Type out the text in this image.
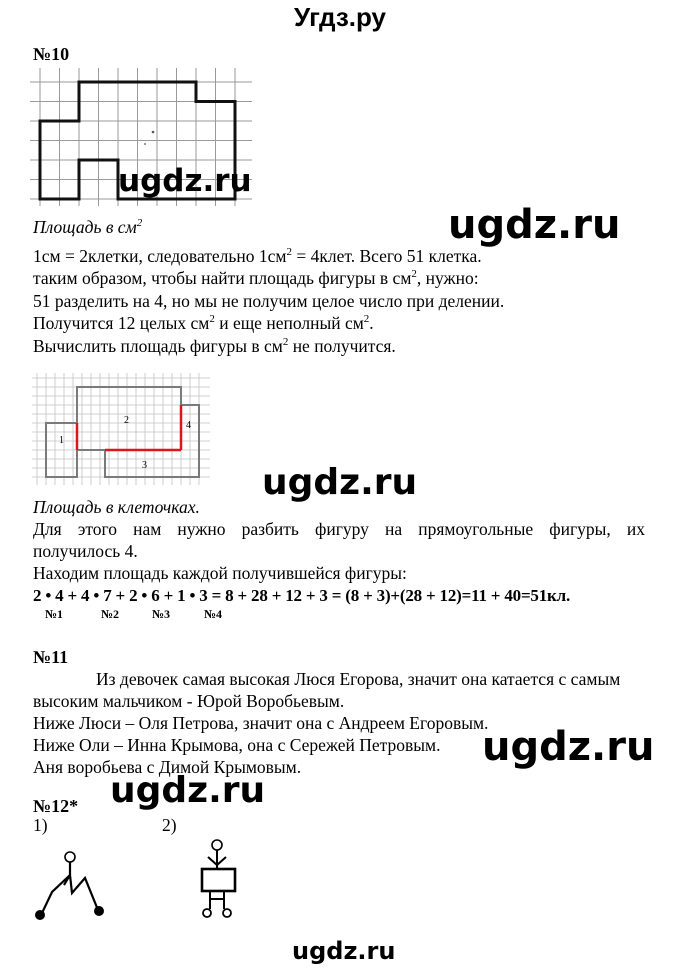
Угдз.ру
№10
ugdz.ru
Площадь в $см^2$	ugdz.ru
1см = 2клетки, следовательно $1см^2$ = 4клет. Всего 51 клетка.
таким образом, чтобы найти площадь фигуры в $см^2$, нужно:
51 разделить на 4, но мы не получим целое число при делении.
Получится 12 целых $см^2$ и еще неполный $см^2$.
Вычислить площадь фигуры в $см^2$ не получится.
1
2
3
4
ugdz.ru
Площадь в клеточках.
Для этого нам нужно разбить фигуру на прямоугольные фигуры, их
получилось 4.
Находим площадь каждой получившейся фигуры:
2 • 4 + 4 • 7 + 2 • 6 + 1 • 3 = 8 + 28 + 12 + 3 = (8 + 3)+(28 + 12)=11 + 40=51кл.
№1	№2	№3	№4
№11
Из девочек самая высокая Люся Егорова, значит она катается с самым
высоким мальчиком - Юрой Воробьевым.
Ниже Люси – Оля Петрова, значит она с Андреем Егоровым.
Ниже Оли – Инна Крымова, она с Сережей Петровым.
Аня воробьева с Димой Крымовым.	ugdz.ru
№12* ugdz.ru
1)	2)
ugdz.ru
